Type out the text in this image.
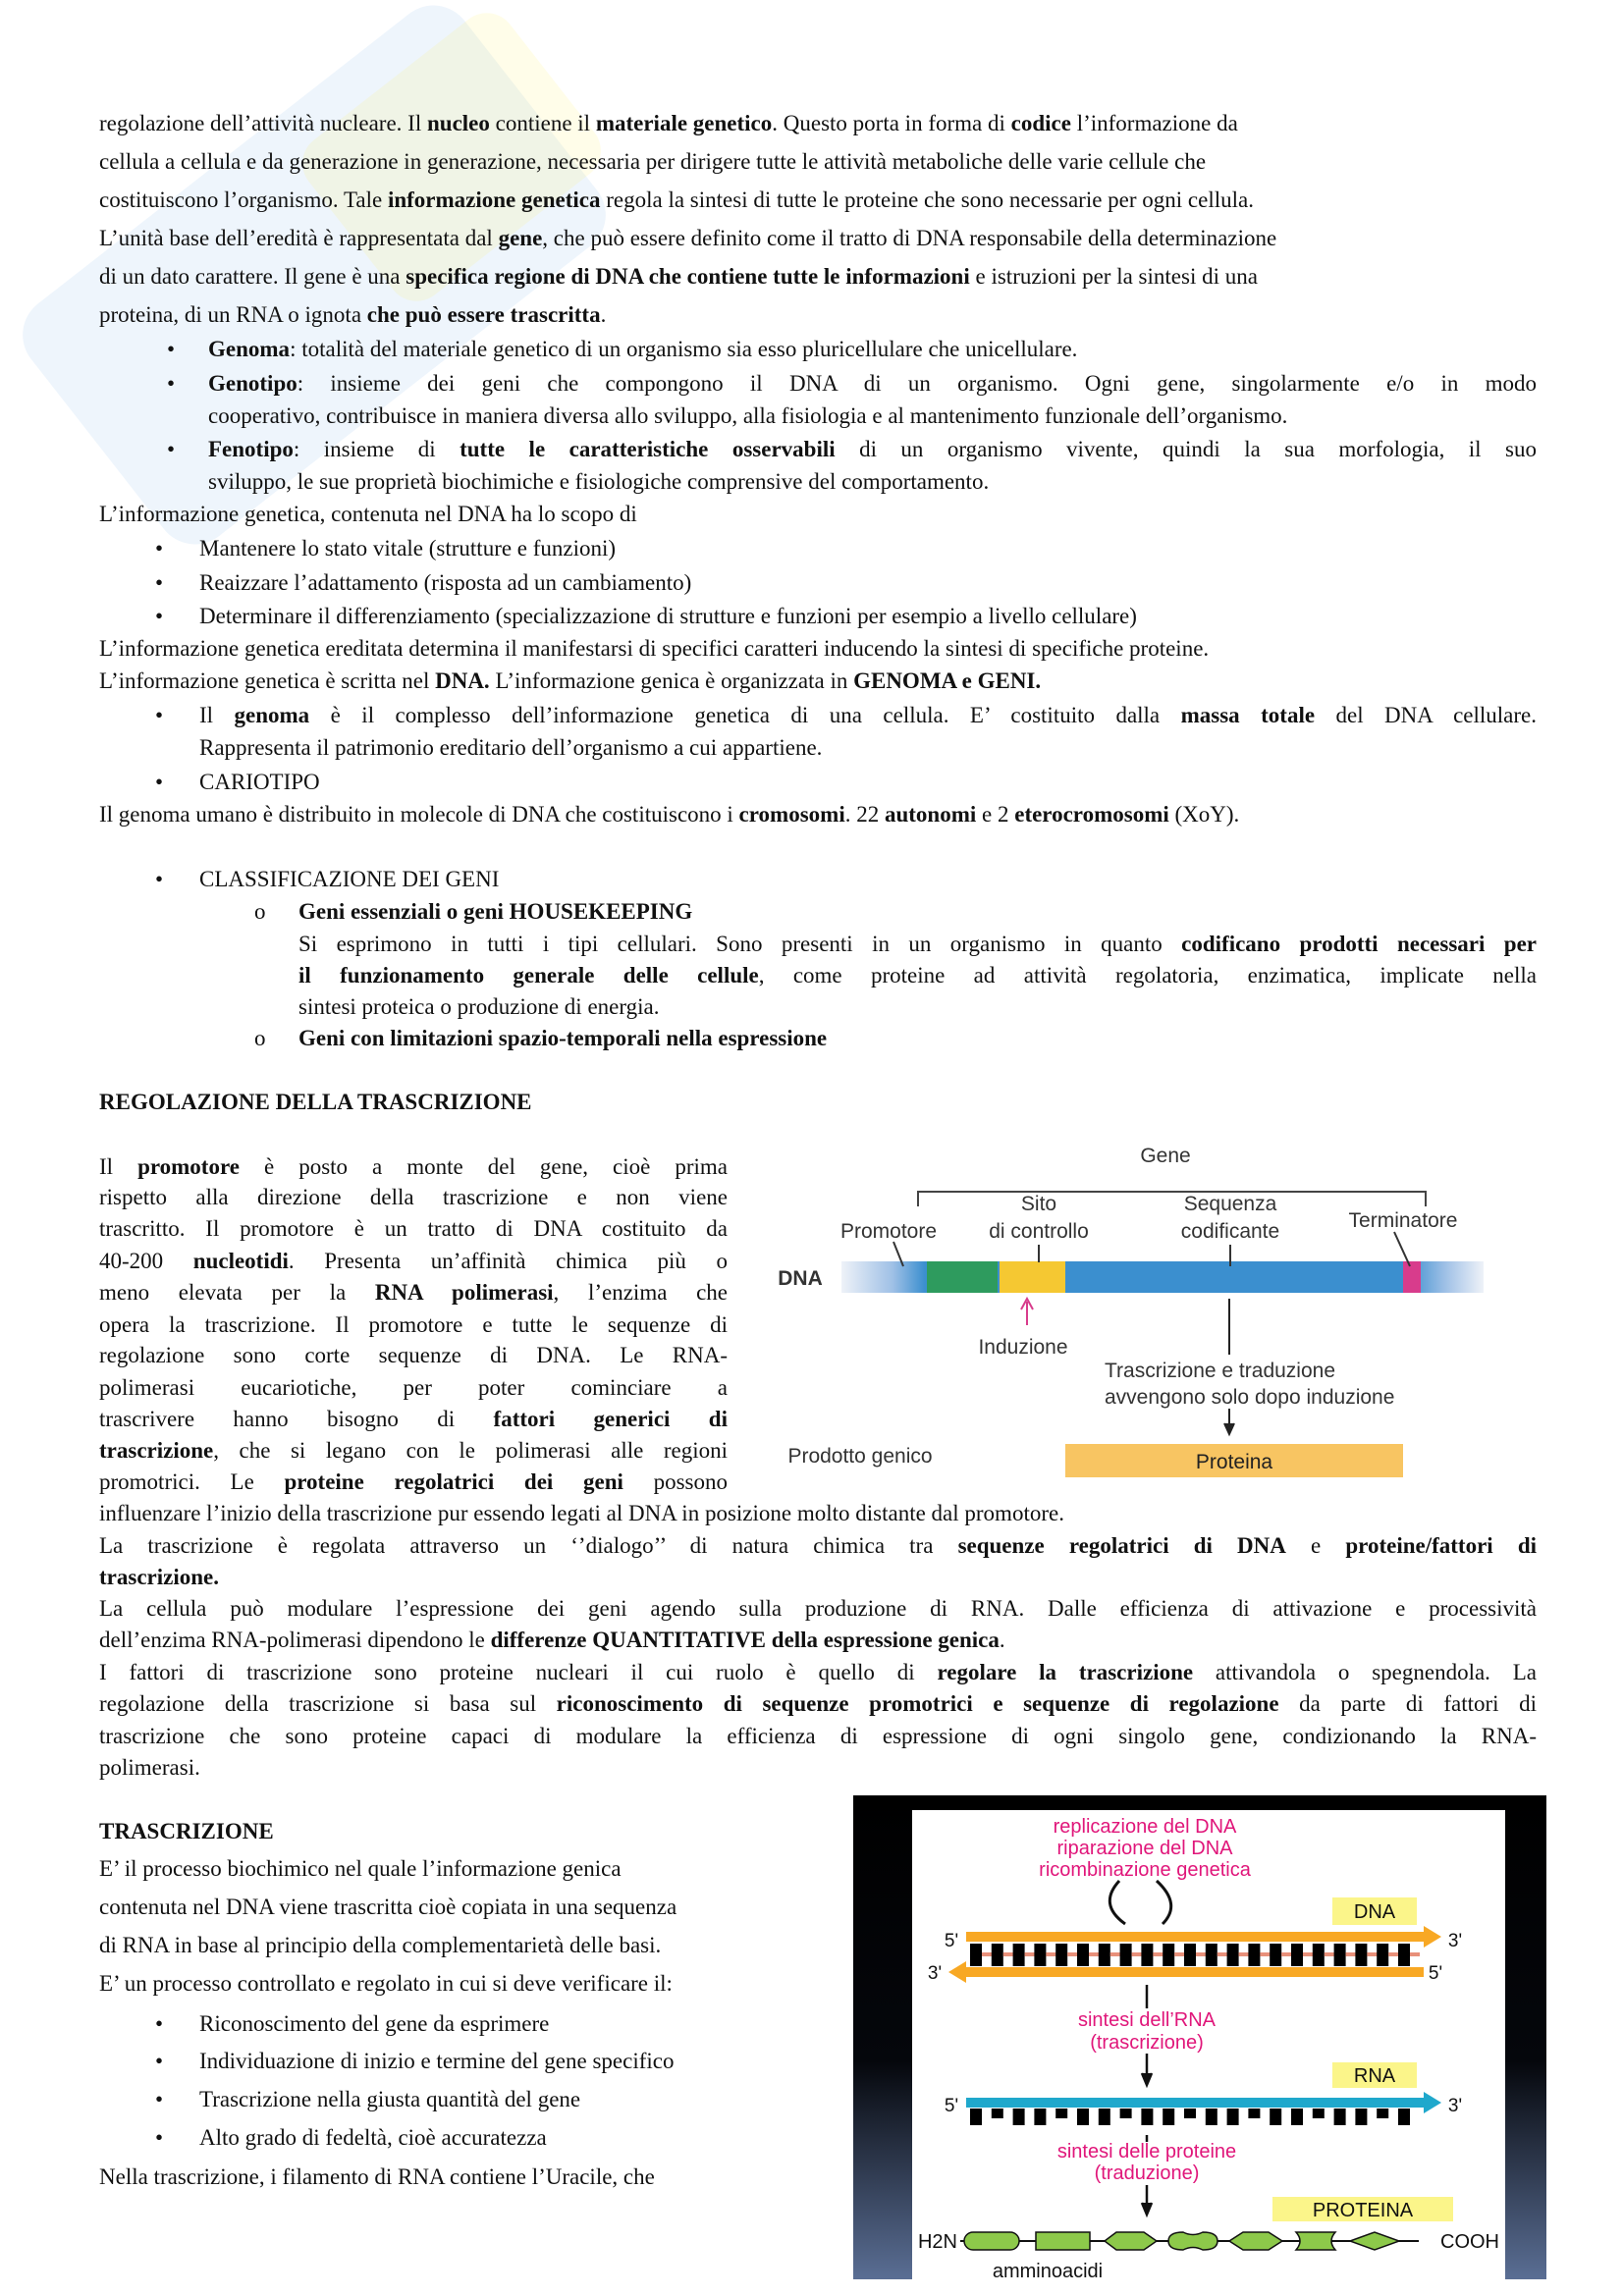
regolazione dell’attività nucleare. Il nucleo contiene il materiale genetico. Questo porta in forma di codice l’informazione da
cellula a cellula e da generazione in generazione, necessaria per dirigere tutte le attività metaboliche delle varie cellule che
costituiscono l’organismo. Tale informazione genetica regola la sintesi di tutte le proteine che sono necessarie per ogni cellula.
L’unità base dell’eredità è rappresentata dal gene, che può essere definito come il tratto di DNA responsabile della determinazione
di un dato carattere. Il gene è una specifica regione di DNA che contiene tutte le informazioni e istruzioni per la sintesi di una
proteina, di un RNA o ignota che può essere trascritta.
Genoma: totalità del materiale genetico di un organismo sia esso pluricellulare che unicellulare.
•
Genotipo: insieme dei geni che compongono il DNA di un organismo. Ogni gene, singolarmente e/o in modo
•
cooperativo, contribuisce in maniera diversa allo sviluppo, alla fisiologia e al mantenimento funzionale dell’organismo.
Fenotipo: insieme di tutte le caratteristiche osservabili di un organismo vivente, quindi la sua morfologia, il suo
•
sviluppo, le sue proprietà biochimiche e fisiologiche comprensive del comportamento.
L’informazione genetica, contenuta nel DNA ha lo scopo di
Mantenere lo stato vitale (strutture e funzioni)
•
Reaizzare l’adattamento (risposta ad un cambiamento)
•
Determinare il differenziamento (specializzazione di strutture e funzioni per esempio a livello cellulare)
•
L’informazione genetica ereditata determina il manifestarsi di specifici caratteri inducendo la sintesi di specifiche proteine.
L’informazione genetica è scritta nel DNA. L’informazione genica è organizzata in GENOMA e GENI.
Il genoma è il complesso dell’informazione genetica di una cellula. E’ costituito dalla massa totale del DNA cellulare.
•
Rappresenta il patrimonio ereditario dell’organismo a cui appartiene.
CARIOTIPO
•
Il genoma umano è distribuito in molecole di DNA che costituiscono i cromosomi. 22 autonomi e 2 eterocromosomi (XoY).
CLASSIFICAZIONE DEI GENI
•
Geni essenziali o geni HOUSEKEEPING
o
Si esprimono in tutti i tipi cellulari. Sono presenti in un organismo in quanto codificano prodotti necessari per
il funzionamento generale delle cellule, come proteine ad attività regolatoria, enzimatica, implicate nella
sintesi proteica o produzione di energia.
Geni con limitazioni spazio-temporali nella espressione
o
REGOLAZIONE DELLA TRASCRIZIONE
Il promotore è posto a monte del gene, cioè prima
rispetto alla direzione della trascrizione e non viene
trascritto. Il promotore è un tratto di DNA costituito da
40-200 nucleotidi. Presenta un’affinità chimica più o
meno elevata per la RNA polimerasi, l’enzima che
opera la trascrizione. Il promotore e tutte le sequenze di
regolazione sono corte sequenze di DNA. Le RNA-
polimerasi eucariotiche, per poter cominciare a
trascrivere hanno bisogno di fattori generici di
trascrizione, che si legano con le polimerasi alle regioni
promotrici. Le proteine regolatrici dei geni possono
influenzare l’inizio della trascrizione pur essendo legati al DNA in posizione molto distante dal promotore.
La trascrizione è regolata attraverso un ‘’dialogo’’ di natura chimica tra sequenze regolatrici di DNA e proteine/fattori di
trascrizione.
La cellula può modulare l’espressione dei geni agendo sulla produzione di RNA. Dalle efficienza di attivazione e processività
dell’enzima RNA-polimerasi dipendono le differenze QUANTITATIVE della espressione genica.
I fattori di trascrizione sono proteine nucleari il cui ruolo è quello di regolare la trascrizione attivandola o spegnendola. La
regolazione della trascrizione si basa sul riconoscimento di sequenze promotrici e sequenze di regolazione da parte di fattori di
trascrizione che sono proteine capaci di modulare la efficienza di espressione di ogni singolo gene, condizionando la RNA-
polimerasi.
TRASCRIZIONE
E’ il processo biochimico nel quale l’informazione genica
contenuta nel DNA viene trascritta cioè copiata in una sequenza
di RNA in base al principio della complementarietà delle basi.
E’ un processo controllato e regolato in cui si deve verificare il:
Riconoscimento del gene da esprimere
•
Individuazione di inizio e termine del gene specifico
•
Trascrizione nella giusta quantità del gene
•
Alto grado di fedeltà, cioè accuratezza
•
Nella trascrizione, i filamento di RNA contiene l’Uracile, che
Gene
Sito
di controllo
Promotore
Sequenza
codificante	Terminatore
DNA
Induzione
Trascrizione e traduzione
avvengono solo dopo induzione
Prodotto genico	Proteina
replicazione del DNA
riparazione del DNA
ricombinazione genetica
sintesi dell’RNA
(trascrizione)
sintesi delle proteine
(traduzione)
DNA
5'	3'
3'	5'
5'	3'
RNA
PROTEINA
H2N	COOH
amminoacidi
